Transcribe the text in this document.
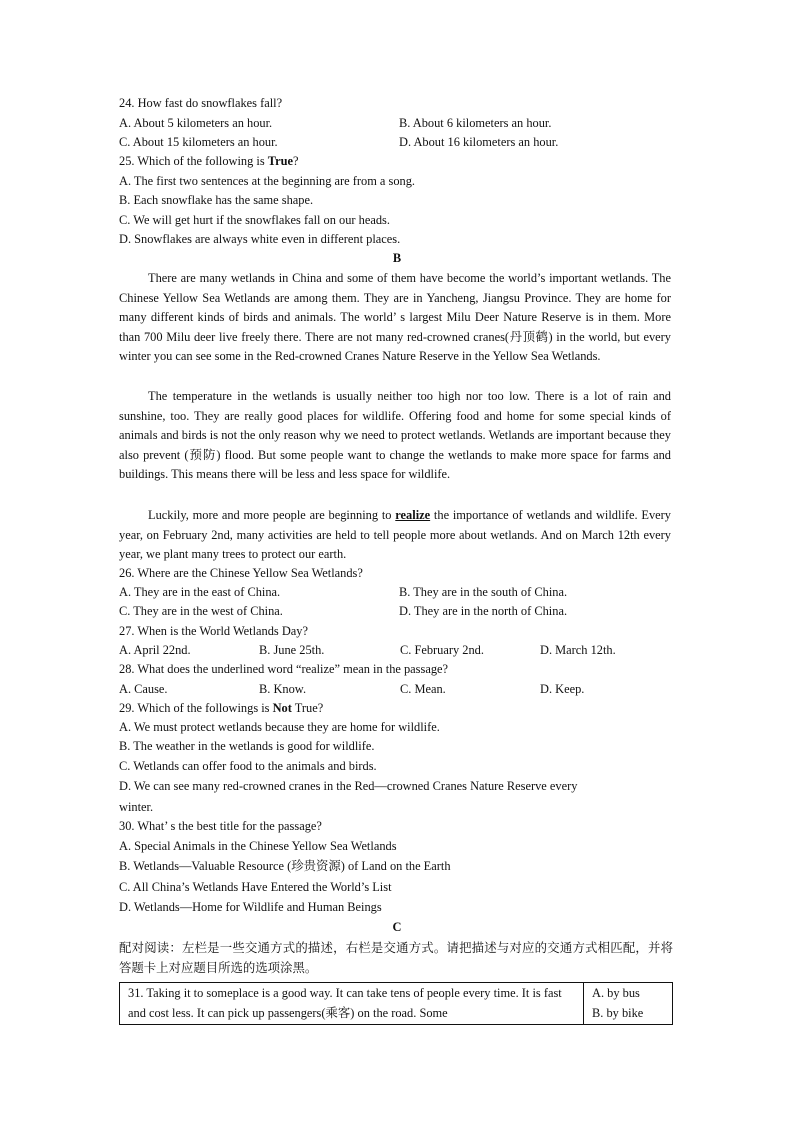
24. How fast do snowflakes fall?
A. About 5 kilometers an hour.	B. About 6 kilometers an hour.
C. About 15 kilometers an hour.	D. About 16 kilometers an hour.
25. Which of the following is True?
A. The first two sentences at the beginning are from a song.
B. Each snowflake has the same shape.
C. We will get hurt if the snowflakes fall on our heads.
D. Snowflakes are always white even in different places.
B
There are many wetlands in China and some of them have become the world’s important wetlands. The Chinese Yellow Sea Wetlands are among them. They are in Yancheng, Jiangsu Province. They are home for many different kinds of birds and animals. The world’ s largest Milu Deer Nature Reserve is in them. More than 700 Milu deer live freely there. There are not many red-crowned cranes(丹顶鹤) in the world, but every winter you can see some in the Red-crowned Cranes Nature Reserve in the Yellow Sea Wetlands.
The temperature in the wetlands is usually neither too high nor too low. There is a lot of rain and sunshine, too. They are really good places for wildlife. Offering food and home for some special kinds of animals and birds is not the only reason why we need to protect wetlands. Wetlands are important because they also prevent (预防) flood. But some people want to change the wetlands to make more space for farms and buildings. This means there will be less and less space for wildlife.
Luckily, more and more people are beginning to realize the importance of wetlands and wildlife. Every year, on February 2nd, many activities are held to tell people more about wetlands. And on March 12th every year, we plant many trees to protect our earth.
26. Where are the Chinese Yellow Sea Wetlands?
A. They are in the east of China.	B. They are in the south of China.
C. They are in the west of China.	D. They are in the north of China.
27. When is the World Wetlands Day?
A. April 22nd.	B. June 25th.	C. February 2nd.	D. March 12th.
28. What does the underlined word “realize” mean in the passage?
A. Cause.	B. Know.	C. Mean.	D. Keep.
29. Which of the followings is Not True?
A. We must protect wetlands because they are home for wildlife.
B. The weather in the wetlands is good for wildlife.
C. Wetlands can offer food to the animals and birds.
D. We can see many red-crowned cranes in the Red—crowned Cranes Nature Reserve every
winter.
30. What’ s the best title for the passage?
A. Special Animals in the Chinese Yellow Sea Wetlands
B. Wetlands—Valuable Resource (珍贵资源) of Land on the Earth
C. All China’s Wetlands Have Entered the World’s List
D. Wetlands—Home for Wildlife and Human Beings
C
配对阅读：左栏是一些交通方式的描述，右栏是交通方式。请把描述与对应的交通方式相匹配，并将答题卡上对应题目所选的选项涂黑。
31. Taking it to someplace is a good way. It can take tens of people every time. It is fast and cost less. It can pick up passengers(乘客) on the road. Some	
A. by bus
B. by bike
